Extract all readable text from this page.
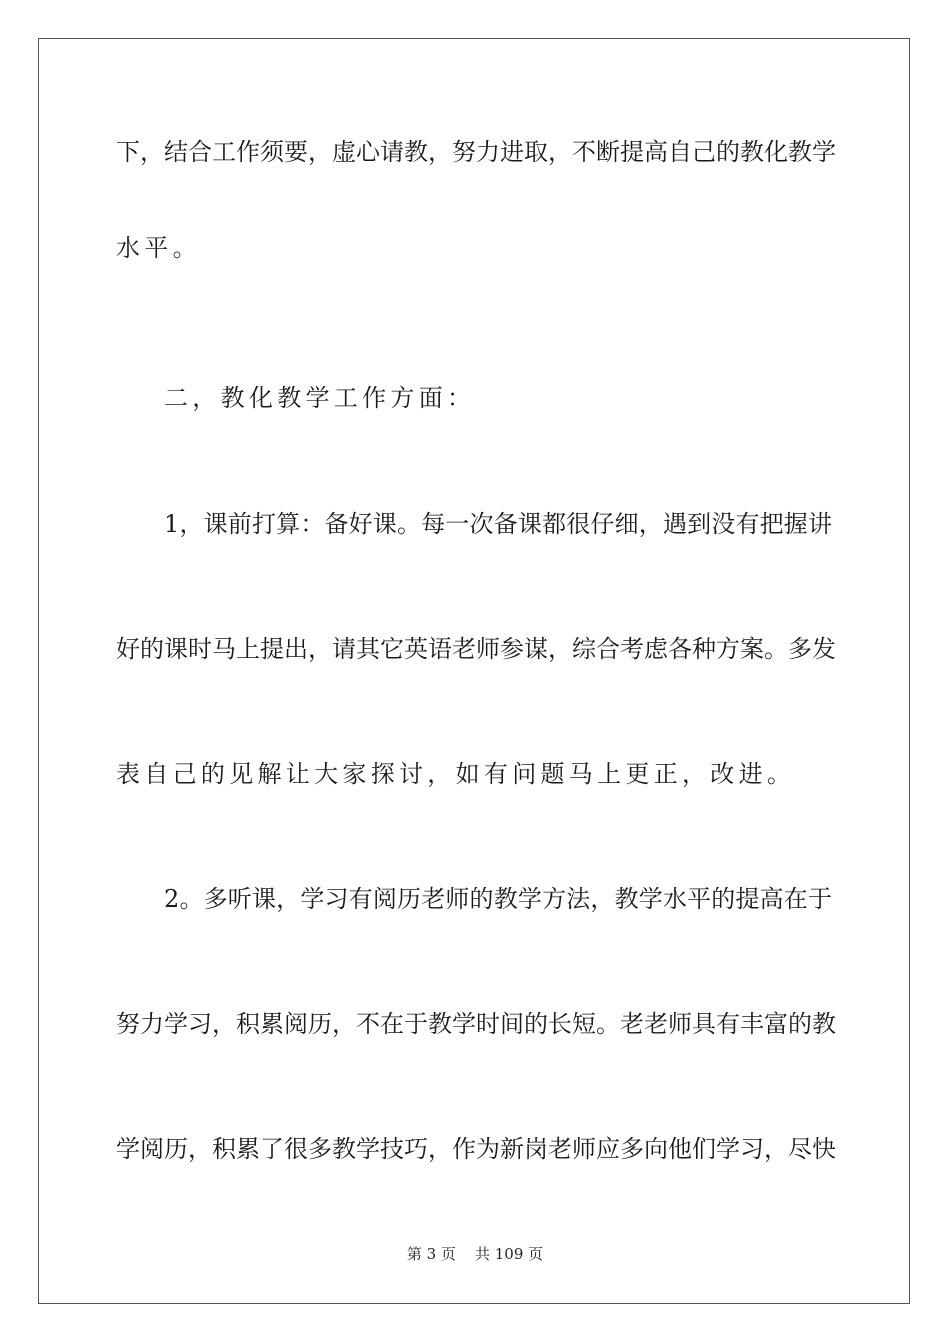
下，结合工作须要，虚心请教，努力进取，不断提高自己的教化教学
水平。
二，教化教学工作方面：
1，课前打算：备好课。每一次备课都很仔细，遇到没有把握讲
好的课时马上提出，请其它英语老师参谋，综合考虑各种方案。多发
表自己的见解让大家探讨，如有问题马上更正，改进。
2。多听课，学习有阅历老师的教学方法，教学水平的提高在于
努力学习，积累阅历，不在于教学时间的长短。老老师具有丰富的教
学阅历，积累了很多教学技巧，作为新岗老师应多向他们学习，尽快
第 3 页 共 109 页
